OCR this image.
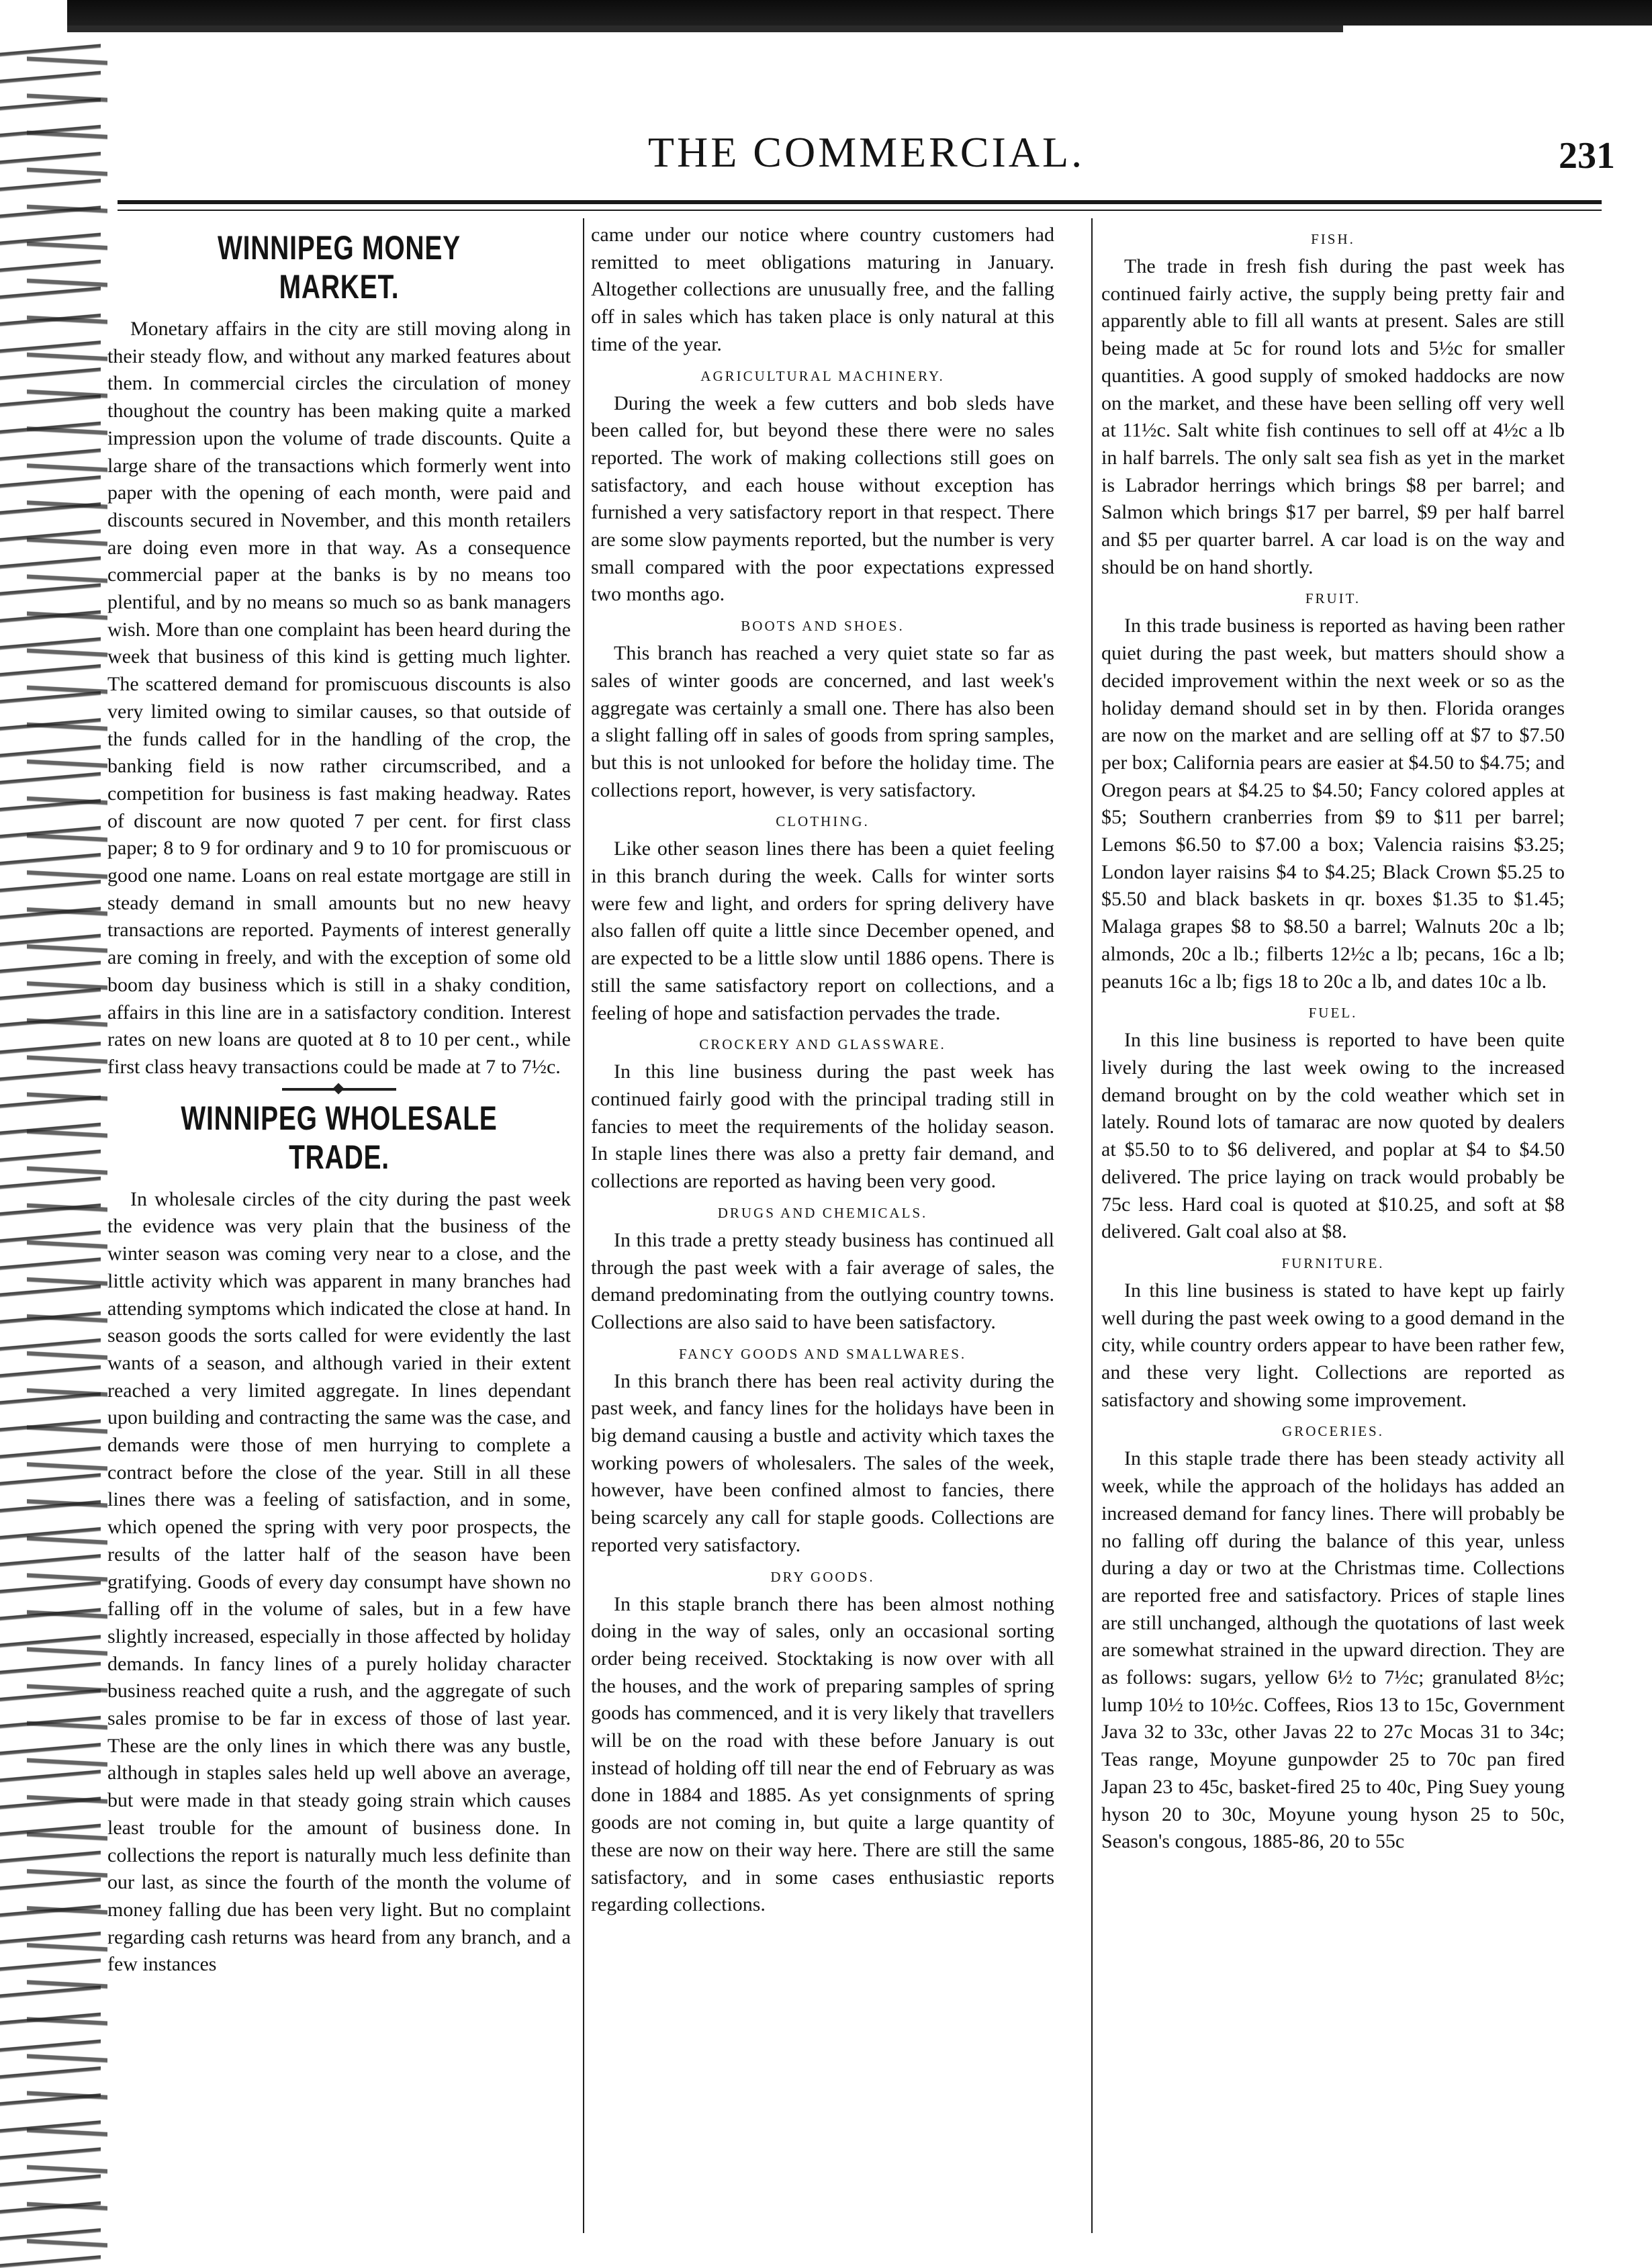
THE COMMERCIAL.	231
WINNIPEG MONEY MARKET.

Monetary affairs in the city are still moving along in their steady flow, and without any marked features about them. In commercial circles the circulation of money thoughout the country has been making quite a marked impression upon the volume of trade discounts. Quite a large share of the transactions which formerly went into paper with the opening of each month, were paid and discounts secured in November, and this month retailers are doing even more in that way. As a consequence commercial paper at the banks is by no means too plentiful, and by no means so much so as bank managers wish. More than one complaint has been heard during the week that business of this kind is getting much lighter. The scattered demand for promiscuous discounts is also very limited owing to similar causes, so that outside of the funds called for in the handling of the crop, the banking field is now rather circumscribed, and a competition for business is fast making headway. Rates of discount are now quoted 7 per cent. for first class paper; 8 to 9 for ordinary and 9 to 10 for promiscuous or good one name. Loans on real estate mortgage are still in steady demand in small amounts but no new heavy transactions are reported. Payments of interest generally are coming in freely, and with the exception of some old boom day business which is still in a shaky condition, affairs in this line are in a satisfactory condition. Interest rates on new loans are quoted at 8 to 10 per cent., while first class heavy transactions could be made at 7 to 7½c.

WINNIPEG WHOLESALE TRADE.

In wholesale circles of the city during the past week the evidence was very plain that the business of the winter season was coming very near to a close, and the little activity which was apparent in many branches had attending symptoms which indicated the close at hand. In season goods the sorts called for were evidently the last wants of a season, and although varied in their extent reached a very limited aggregate. In lines dependant upon building and contracting the same was the case, and demands were those of men hurrying to complete a contract before the close of the year. Still in all these lines there was a feeling of satisfaction, and in some, which opened the spring with very poor prospects, the results of the latter half of the season have been gratifying. Goods of every day consumpt have shown no falling off in the volume of sales, but in a few have slightly increased, especially in those affected by holiday demands. In fancy lines of a purely holiday character business reached quite a rush, and the aggregate of such sales promise to be far in excess of those of last year. These are the only lines in which there was any bustle, although in staples sales held up well above an average, but were made in that steady going strain which causes least trouble for the amount of business done. In collections the report is naturally much less definite than our last, as since the fourth of the month the volume of money falling due has been very light. But no complaint regarding cash returns was heard from any branch, and a few instances

came under our notice where country customers had remitted to meet obligations maturing in January. Altogether collections are unusually free, and the falling off in sales which has taken place is only natural at this time of the year.

AGRICULTURAL MACHINERY.

During the week a few cutters and bob sleds have been called for, but beyond these there were no sales reported. The work of making collections still goes on satisfactory, and each house without exception has furnished a very satisfactory report in that respect. There are some slow payments reported, but the number is very small compared with the poor expectations expressed two months ago.

BOOTS AND SHOES.

This branch has reached a very quiet state so far as sales of winter goods are concerned, and last week's aggregate was certainly a small one. There has also been a slight falling off in sales of goods from spring samples, but this is not unlooked for before the holiday time. The collections report, however, is very satisfactory.

CLOTHING.

Like other season lines there has been a quiet feeling in this branch during the week. Calls for winter sorts were few and light, and orders for spring delivery have also fallen off quite a little since December opened, and are expected to be a little slow until 1886 opens. There is still the same satisfactory report on collections, and a feeling of hope and satisfaction pervades the trade.

CROCKERY AND GLASSWARE.

In this line business during the past week has continued fairly good with the principal trading still in fancies to meet the requirements of the holiday season. In staple lines there was also a pretty fair demand, and collections are reported as having been very good.

DRUGS AND CHEMICALS.

In this trade a pretty steady business has continued all through the past week with a fair average of sales, the demand predominating from the outlying country towns. Collections are also said to have been satisfactory.

FANCY GOODS AND SMALLWARES.

In this branch there has been real activity during the past week, and fancy lines for the holidays have been in big demand causing a bustle and activity which taxes the working powers of wholesalers. The sales of the week, however, have been confined almost to fancies, there being scarcely any call for staple goods. Collections are reported very satisfactory.

DRY GOODS.

In this staple branch there has been almost nothing doing in the way of sales, only an occasional sorting order being received. Stocktaking is now over with all the houses, and the work of preparing samples of spring goods has commenced, and it is very likely that travellers will be on the road with these before January is out instead of holding off till near the end of February as was done in 1884 and 1885. As yet consignments of spring goods are not coming in, but quite a large quantity of these are now on their way here. There are still the same satisfactory, and in some cases enthusiastic reports regarding collections.

FISH.

The trade in fresh fish during the past week has continued fairly active, the supply being pretty fair and apparently able to fill all wants at present. Sales are still being made at 5c for round lots and 5½c for smaller quantities. A good supply of smoked haddocks are now on the market, and these have been selling off very well at 11½c. Salt white fish continues to sell off at 4½c a lb in half barrels. The only salt sea fish as yet in the market is Labrador herrings which brings $8 per barrel; and Salmon which brings $17 per barrel, $9 per half barrel and $5 per quarter barrel. A car load is on the way and should be on hand shortly.

FRUIT.

In this trade business is reported as having been rather quiet during the past week, but matters should show a decided improvement within the next week or so as the holiday demand should set in by then. Florida oranges are now on the market and are selling off at $7 to $7.50 per box; California pears are easier at $4.50 to $4.75; and Oregon pears at $4.25 to $4.50; Fancy colored apples at $5; Southern cranberries from $9 to $11 per barrel; Lemons $6.50 to $7.00 a box; Valencia raisins $3.25; London layer raisins $4 to $4.25; Black Crown $5.25 to $5.50 and black baskets in qr. boxes $1.35 to $1.45; Malaga grapes $8 to $8.50 a barrel; Walnuts 20c a lb; almonds, 20c a lb.; filberts 12½c a lb; pecans, 16c a lb; peanuts 16c a lb; figs 18 to 20c a lb, and dates 10c a lb.

FUEL.

In this line business is reported to have been quite lively during the last week owing to the increased demand brought on by the cold weather which set in lately. Round lots of tamarac are now quoted by dealers at $5.50 to to $6 delivered, and poplar at $4 to $4.50 delivered. The price laying on track would probably be 75c less. Hard coal is quoted at $10.25, and soft at $8 delivered. Galt coal also at $8.

FURNITURE.

In this line business is stated to have kept up fairly well during the past week owing to a good demand in the city, while country orders appear to have been rather few, and these very light. Collections are reported as satisfactory and showing some improvement.

GROCERIES.

In this staple trade there has been steady activity all week, while the approach of the holidays has added an increased demand for fancy lines. There will probably be no falling off during the balance of this year, unless during a day or two at the Christmas time. Collections are reported free and satisfactory. Prices of staple lines are still unchanged, although the quotations of last week are somewhat strained in the upward direction. They are as follows: sugars, yellow 6½ to 7½c; granulated 8½c; lump 10½ to 10½c. Coffees, Rios 13 to 15c, Government Java 32 to 33c, other Javas 22 to 27c Mocas 31 to 34c; Teas range, Moyune gunpowder 25 to 70c pan fired Japan 23 to 45c, basket-fired 25 to 40c, Ping Suey young hyson 20 to 30c, Moyune young hyson 25 to 50c, Season's congous, 1885-86, 20 to 55c
